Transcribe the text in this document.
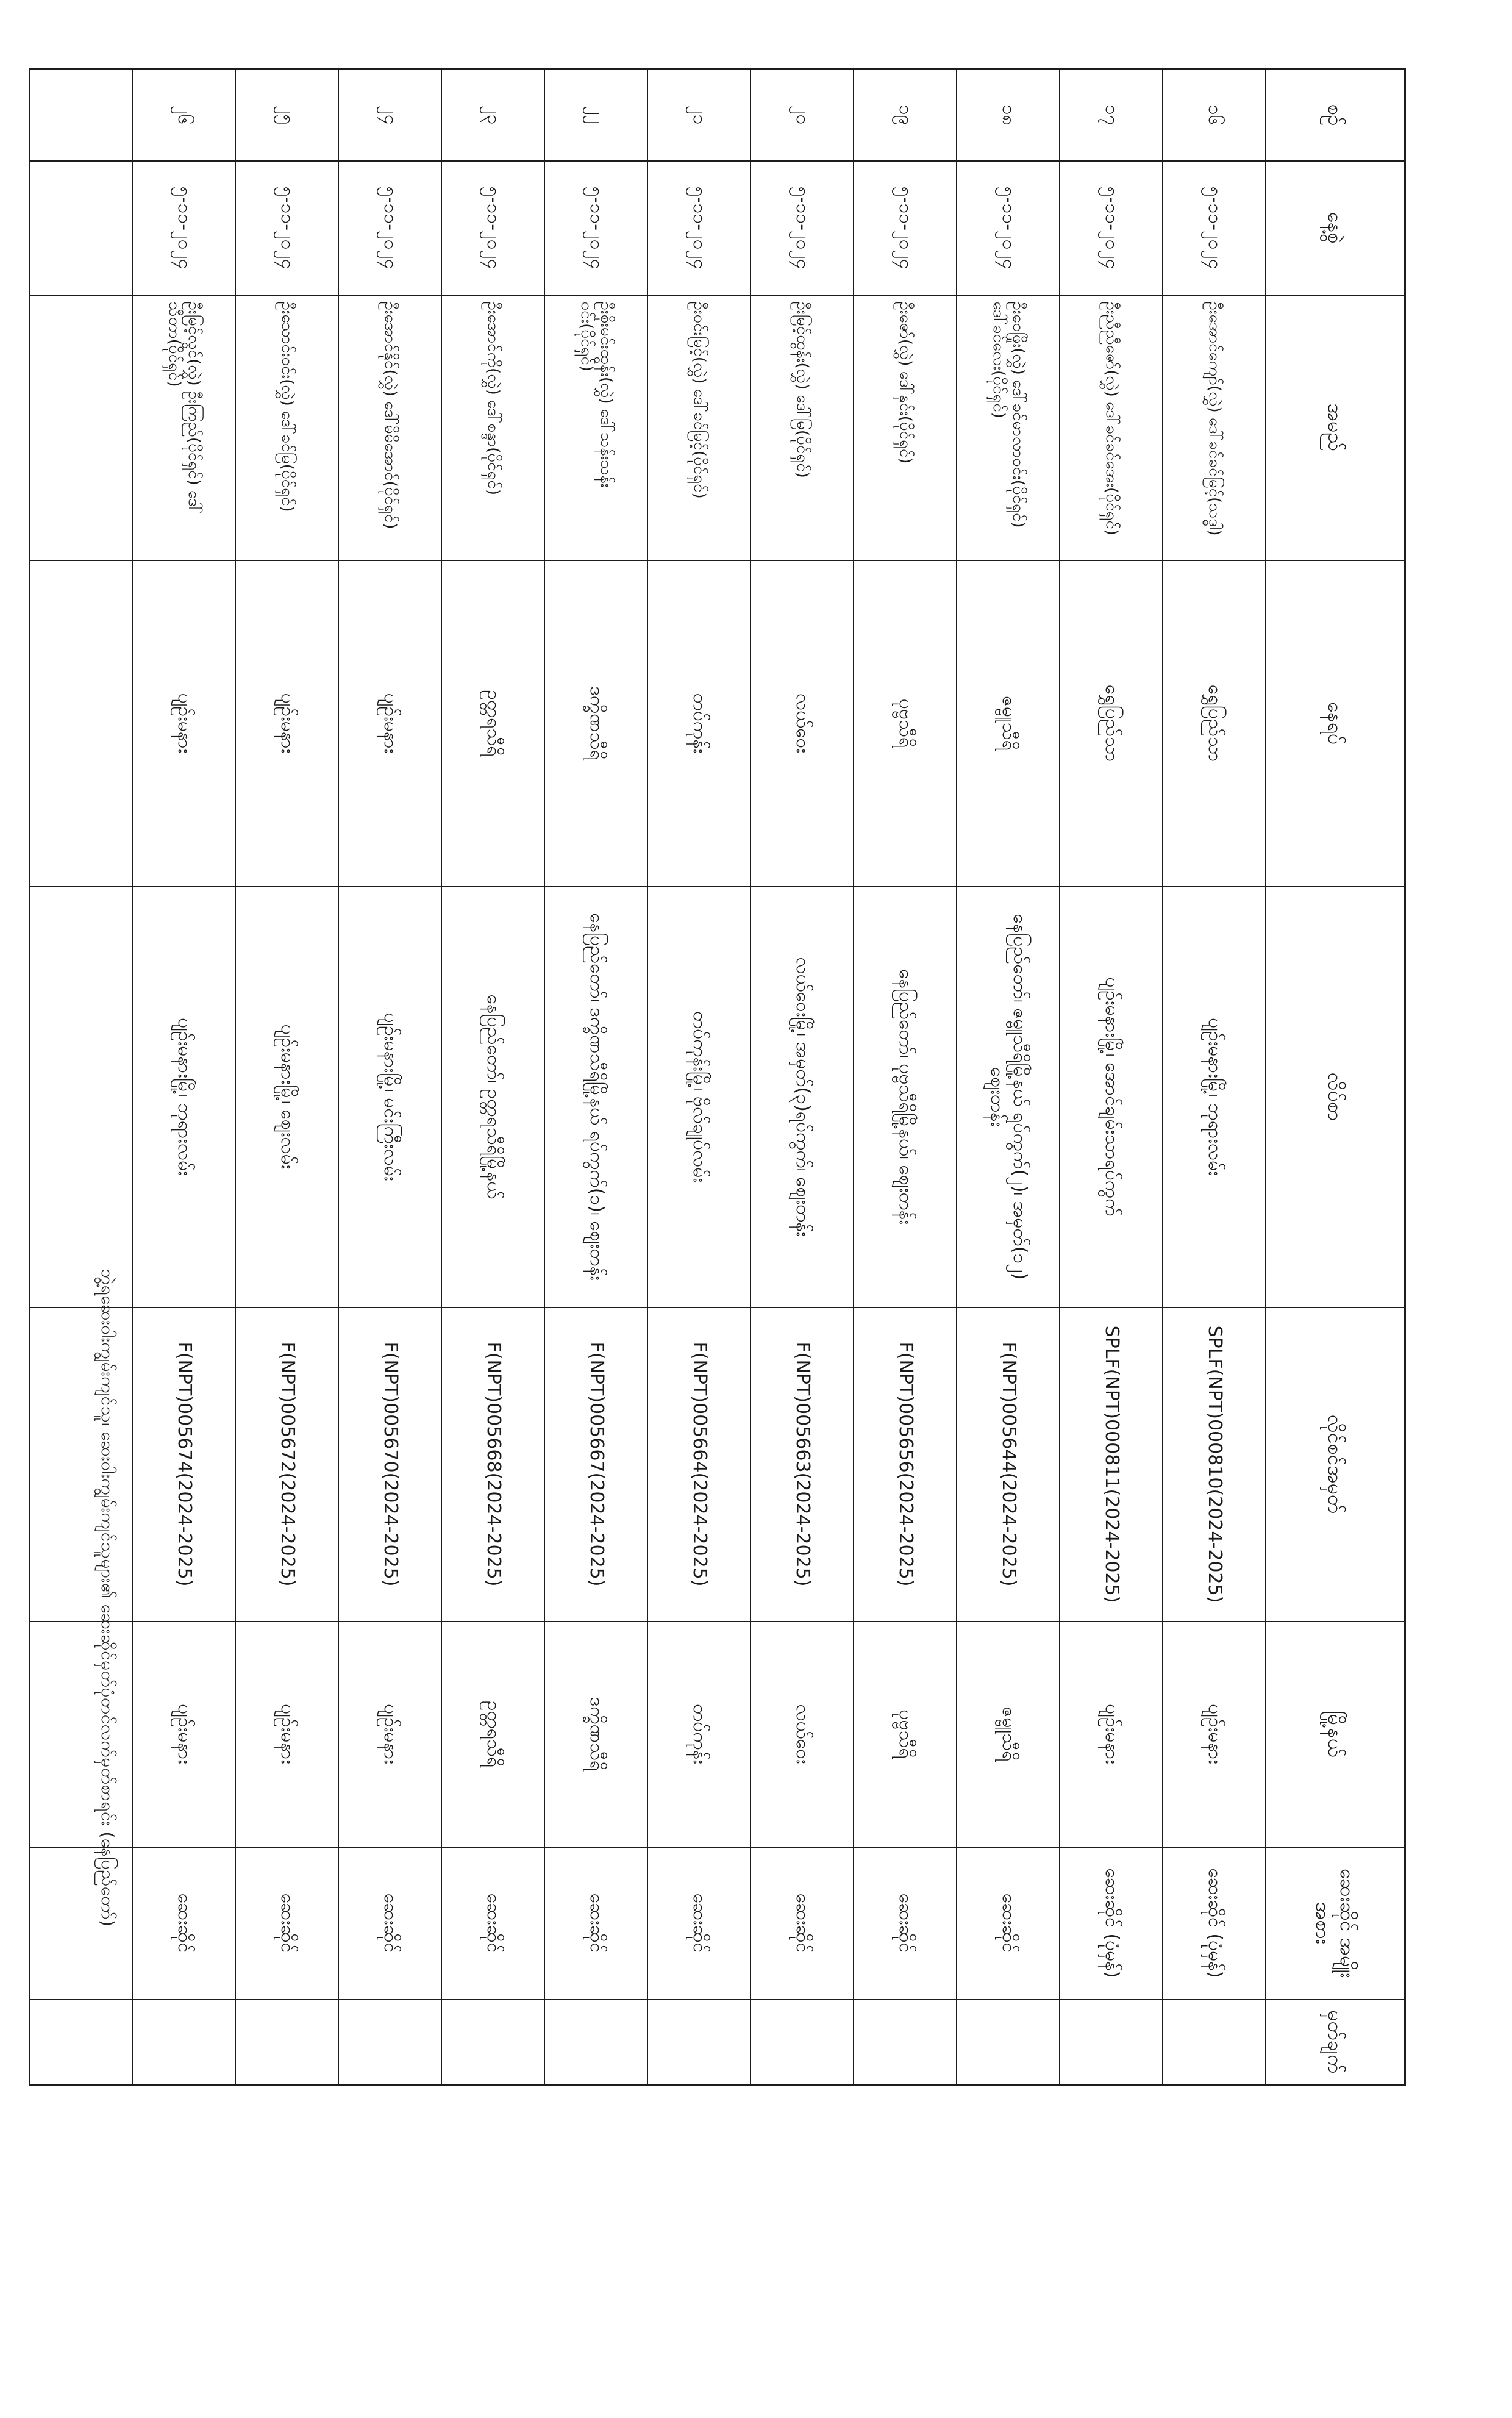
ဘွဲ့ရဆေးဝါးကျွမ်းကျင်သူ၊ ဆေးဝါးကျွမ်းကျင်သူများ၏ ဆေးဆိုင်မှတ်ပုံတင်လက်မှတ်စာရင်း (နေပြည်တော်)
စဉ်	နေ့စွဲ	အမည်	နေရပ်	လိပ်စာ	လိုင်စင်အမှတ်	မြို့နယ်	ဆေးဆိုင် အမျိုးအစား	မှတ်ချက်
၁၆	၅-၁၁-၂၀၂၄	ဦးအောင်ကျော်(လွှဲ) ဒေါ်ခင်ခင်မြင့်(သဒ္ဓါ)	ရွှေပြည်သာ	ပျဉ်းမနားမြို့၊ ဘုရားလမ်း	SPLF(NPT)000810(2024-2025)	ပျဉ်းမနား	ဆေးဆိုင် (ပုံမှန်)	
၁၇	၅-၁၁-၂၀၂၄	ဦးညီညီဇော်(လွှဲ) ဒေါ်ခင်ခင်အေး(ပိုင်ရှင်)	ရွှေပြည်သာ	ပျဉ်းမနားမြို့၊ အောင်ချမ်းသာရပ်ကွက်	SPLF(NPT)000811(2024-2025)	ပျဉ်းမနား	ဆေးဆိုင် (ပုံမှန်)	
၁၈	၅-၁၁-၂၀၂၄	ဦးဝေဖြိုး(လွှဲ) ဒေါ်ခင်မာလာဝင်း(ပိုင်ရှင်) ဒေါ်ခင်လေး(ပိုင်ရှင်)	ဇမ္ဗူသီရိ	နေပြည်တော်၊ ဇမ္ဗူသီရိမြို့နယ် ရပ်ကွက်(၂)၊ အမှတ်(၁၂) ဈေးတန်း	F(NPT)005644(2024-2025)	ဇမ္ဗူသီရိ	ဆေးဆိုင်	
၁၉	၅-၁၁-၂၀၂၄	ဦးဇော်(လွှဲ) ဒေါ်နှင်း(ပိုင်ရှင်)	ပုဗ္ဗသီရိ	နေပြည်တော်၊ ပုဗ္ဗသီရိမြို့နယ်၊ ဈေးတန်း	F(NPT)005656(2024-2025)	ပုဗ္ဗသီရိ	ဆေးဆိုင်	
၂၀	၅-၁၁-၂၀၂၄	ဦးမြင့်ထွန်း(လွှဲ) ဒေါ်မြ(ပိုင်ရှင်)	လယ်ဝေး	လယ်ဝေးမြို့၊ အမှတ်(၃)ရပ်ကွက်၊ ဈေးတန်း	F(NPT)005663(2024-2025)	လယ်ဝေး	ဆေးဆိုင်	
၂၁	၅-၁၁-၂၀၂၄	ဦးဝင်းမြင့်(လွှဲ) ဒေါ်ခင်မြင့်(ပိုင်ရှင်)	တပ်ကုန်း	တပ်ကုန်းမြို့၊ ဗိုလ်ချုပ်လမ်း	F(NPT)005664(2024-2025)	တပ်ကုန်း	ဆေးဆိုင်	
၂၂	၅-၁၁-၂၀၂၄	ဦးစိုးမင်းထွန်း(လွှဲ) ဒေါ်သန်းသန်းဝင်း(ပိုင်ရှင်)	ဒက္ခိဏသီရိ	နေပြည်တော်၊ ဒက္ခိဏသီရိမြို့နယ် ရပ်ကွက်(၁)၊ ဈေးတန်း	F(NPT)005667(2024-2025)	ဒက္ခိဏသီရိ	ဆေးဆိုင်	
၂၃	၅-၁၁-၂၀၂၄	ဦးအောင်ကို(လွှဲ) ဒေါ်စန္ဒာ(ပိုင်ရှင်)	ဥတ္တရသီရိ	နေပြည်တော်၊ ဥတ္တရသီရိမြို့နယ်	F(NPT)005668(2024-2025)	ဥတ္တရသီရိ	ဆေးဆိုင်	
၂၄	၅-၁၁-၂၀၂၄	ဦးအောင်နိုင်(လွှဲ) ဒေါ်မိမိအောင်(ပိုင်ရှင်)	ပျဉ်းမနား	ပျဉ်းမနားမြို့၊ မင်းကြီးလမ်း	F(NPT)005670(2024-2025)	ပျဉ်းမနား	ဆေးဆိုင်	
၂၅	၅-၁၁-၂၀၂၄	ဦးသောင်းဝင်း(လွှဲ) ဒေါ်ခင်မြ(ပိုင်ရှင်)	ပျဉ်းမနား	ပျဉ်းမနားမြို့၊ ဈေးလမ်း	F(NPT)005672(2024-2025)	ပျဉ်းမနား	ဆေးဆိုင်	
၂၆	၅-၁၁-၂၀၂၄	ဦးမြင့်လွင်(လွှဲ) ဦးကြည်(ပိုင်ရှင်) ဒေါ်သီတာ(ပိုင်ရှင်)	ပျဉ်းမနား	ပျဉ်းမနားမြို့၊ ဘုရားလမ်း	F(NPT)005674(2024-2025)	ပျဉ်းမနား	ဆေးဆိုင်	
